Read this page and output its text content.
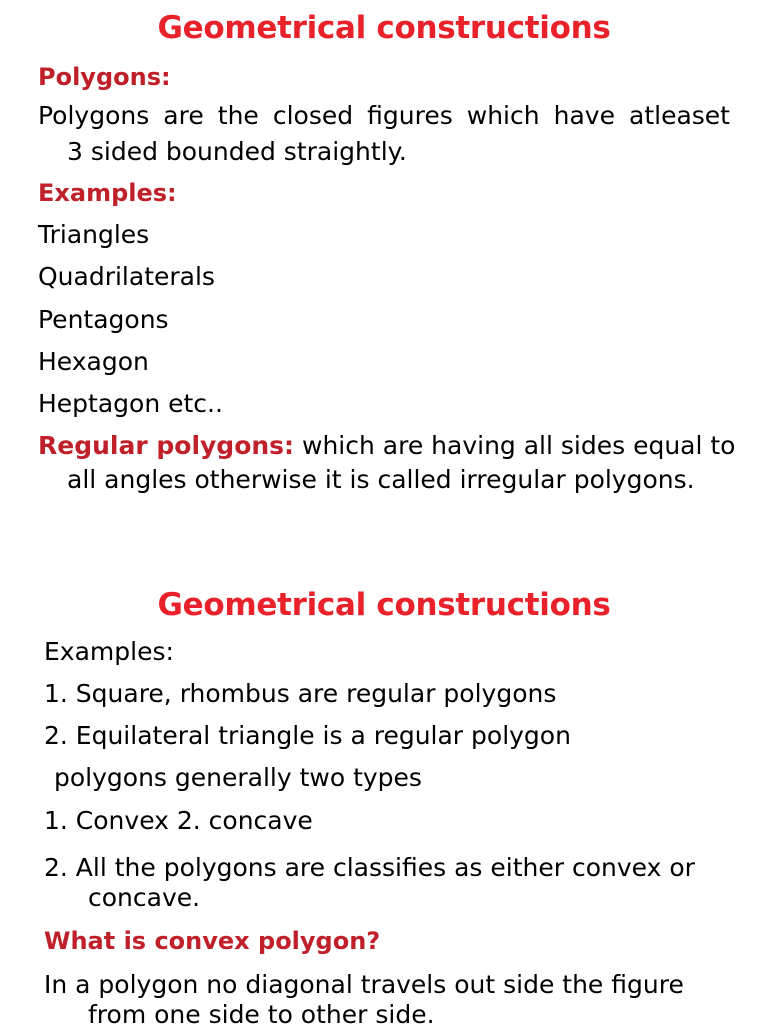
Geometrical constructions
Polygons:
Polygons are the closed figures which have atleaset
3 sided bounded straightly.
Examples:
Triangles
Quadrilaterals
Pentagons
Hexagon
Heptagon etc..
Regular polygons: which are having all sides equal to
all angles otherwise it is called irregular polygons.
Geometrical constructions
Examples:
1. Square, rhombus are regular polygons
2. Equilateral triangle is a regular polygon
polygons generally two types
1. Convex 2. concave
2. All the polygons are classifies as either convex or
concave.
What is convex polygon?
In a polygon no diagonal travels out side the figure
from one side to other side.
